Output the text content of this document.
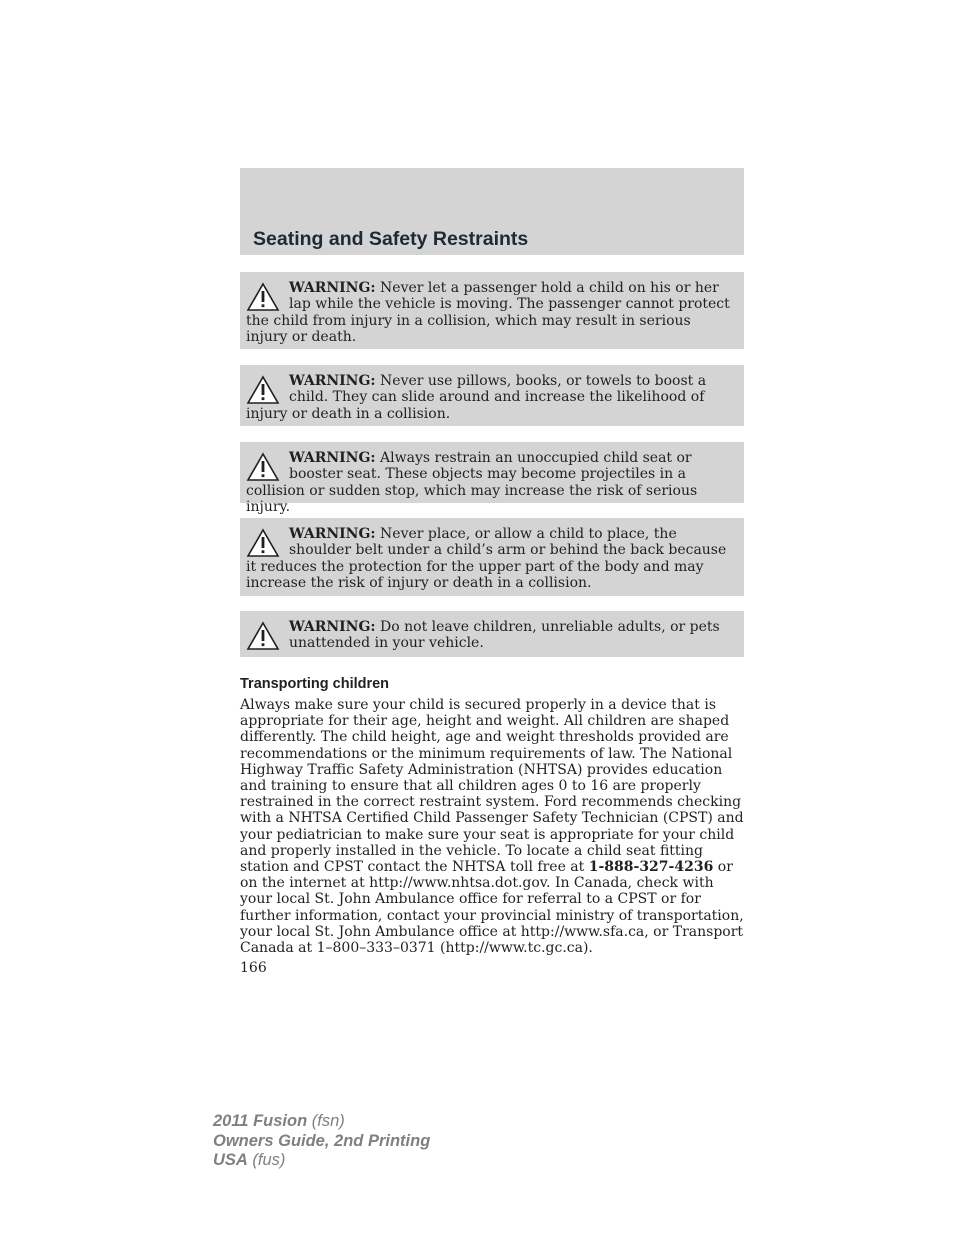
Seating and Safety Restraints

WARNING: Never let a passenger hold a child on his or her lap while the vehicle is moving. The passenger cannot protect the child from injury in a collision, which may result in serious injury or death.

WARNING: Never use pillows, books, or towels to boost a child. They can slide around and increase the likelihood of injury or death in a collision.

WARNING: Always restrain an unoccupied child seat or booster seat. These objects may become projectiles in a collision or sudden stop, which may increase the risk of serious injury.

WARNING: Never place, or allow a child to place, the shoulder belt under a child’s arm or behind the back because it reduces the protection for the upper part of the body and may increase the risk of injury or death in a collision.

WARNING: Do not leave children, unreliable adults, or pets unattended in your vehicle.

Transporting children

Always make sure your child is secured properly in a device that is appropriate for their age, height and weight. All children are shaped differently. The child height, age and weight thresholds provided are recommendations or the minimum requirements of law. The National Highway Traffic Safety Administration (NHTSA) provides education and training to ensure that all children ages 0 to 16 are properly restrained in the correct restraint system. Ford recommends checking with a NHTSA Certified Child Passenger Safety Technician (CPST) and your pediatrician to make sure your seat is appropriate for your child and properly installed in the vehicle. To locate a child seat fitting station and CPST contact the NHTSA toll free at 1-888-327-4236 or on the internet at http://www.nhtsa.dot.gov. In Canada, check with your local St. John Ambulance office for referral to a CPST or for further information, contact your provincial ministry of transportation, your local St. John Ambulance office at http://www.sfa.ca, or Transport Canada at 1–800–333–0371 (http://www.tc.gc.ca).

166

2011 Fusion (fsn)
Owners Guide, 2nd Printing
USA (fus)
